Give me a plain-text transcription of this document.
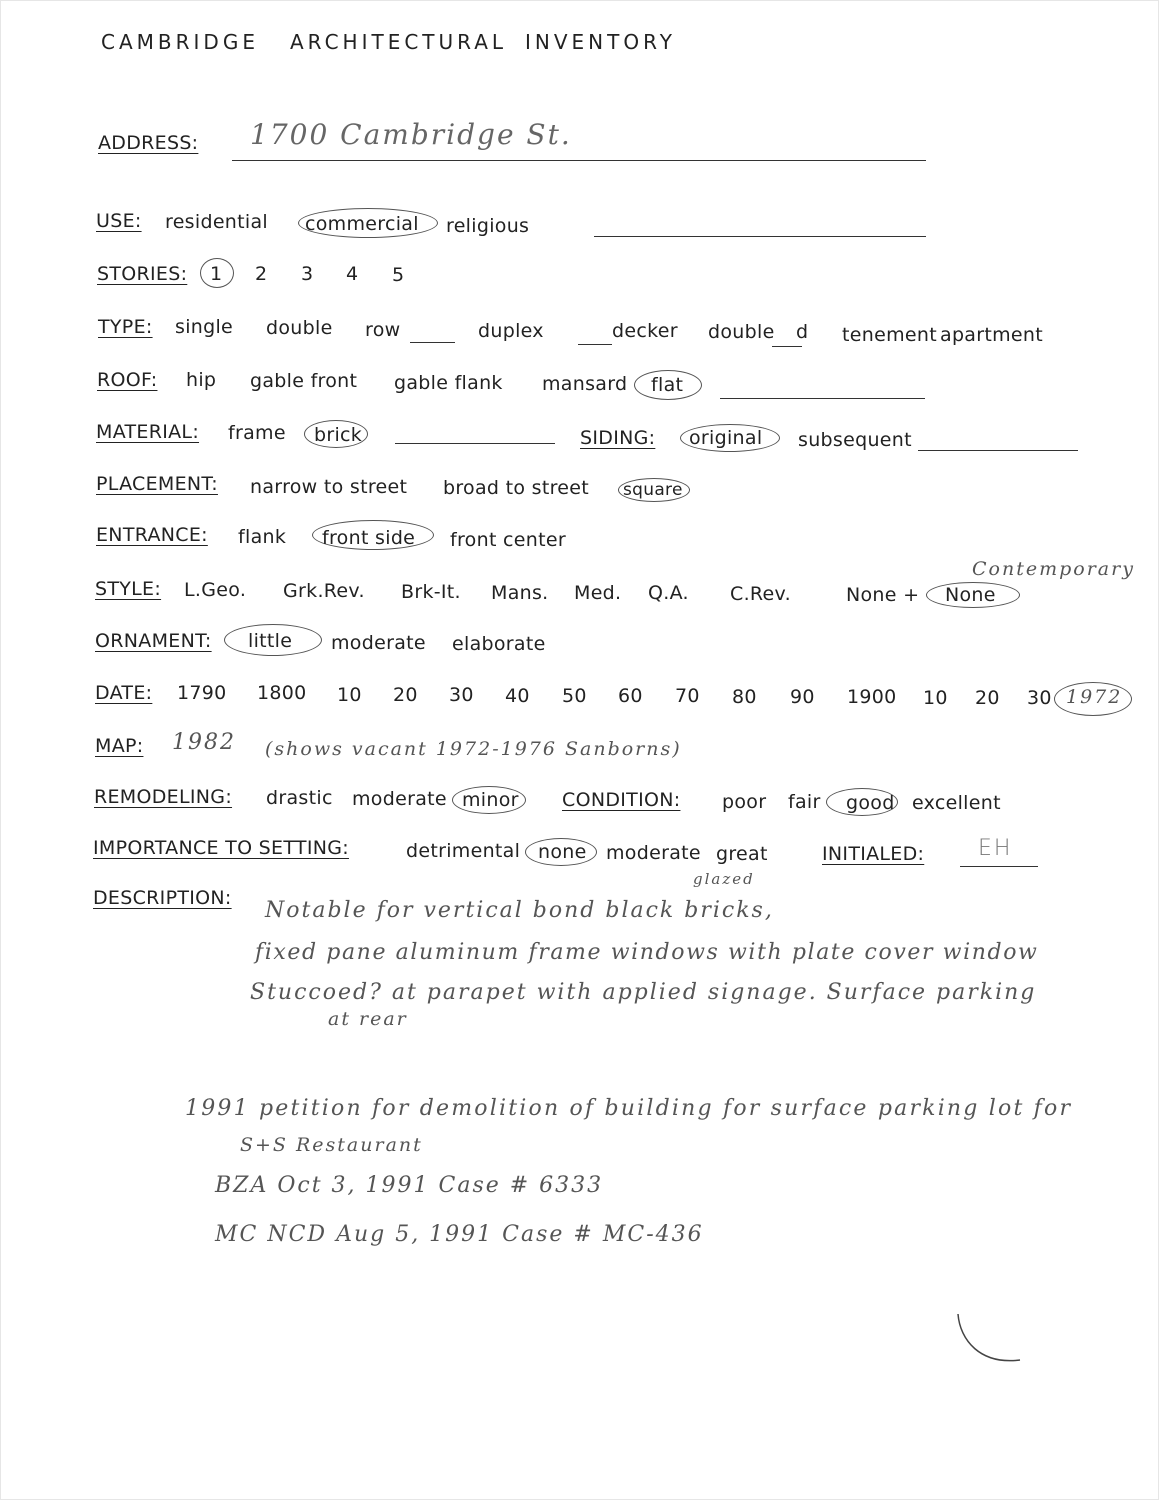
CAMBRIDGE ARCHITECTURAL INVENTORY
ADDRESS: 1700 Cambridge St.
USE: residential commercial religious
STORIES: 1 2 3 4 5
TYPE: single double row	duplex	decker double d tenement apartment
ROOF: hip gable front gable flank mansard flat
MATERIAL: frame brick	SIDING: original subsequent
PLACEMENT: narrow to street broad to street square
ENTRANCE: flank front side front center
STYLE: L.Geo. Grk.Rev. Brk-It. Mans. Med. Q.A. C.Rev.	None + None
Contemporary
ORNAMENT: little moderate elaborate
DATE: 1790 1800 10 20 30 40 50 60 70 80 90 1900 10 20 30 1972
MAP: 1982 (shows vacant 1972-1976 Sanborns)
REMODELING: drastic moderate minor CONDITION: poor fair good excellent
IMPORTANCE TO SETTING:	detrimental none moderate great	INITIALED: EH
DESCRIPTION:
glazed
Notable for vertical bond black bricks,
fixed pane aluminum frame windows with plate cover window
Stuccoed? at parapet with applied signage. Surface parking
at rear
1991 petition for demolition of building for surface parking lot for
S+S Restaurant
BZA Oct 3, 1991 Case # 6333
MC NCD Aug 5, 1991 Case # MC-436
